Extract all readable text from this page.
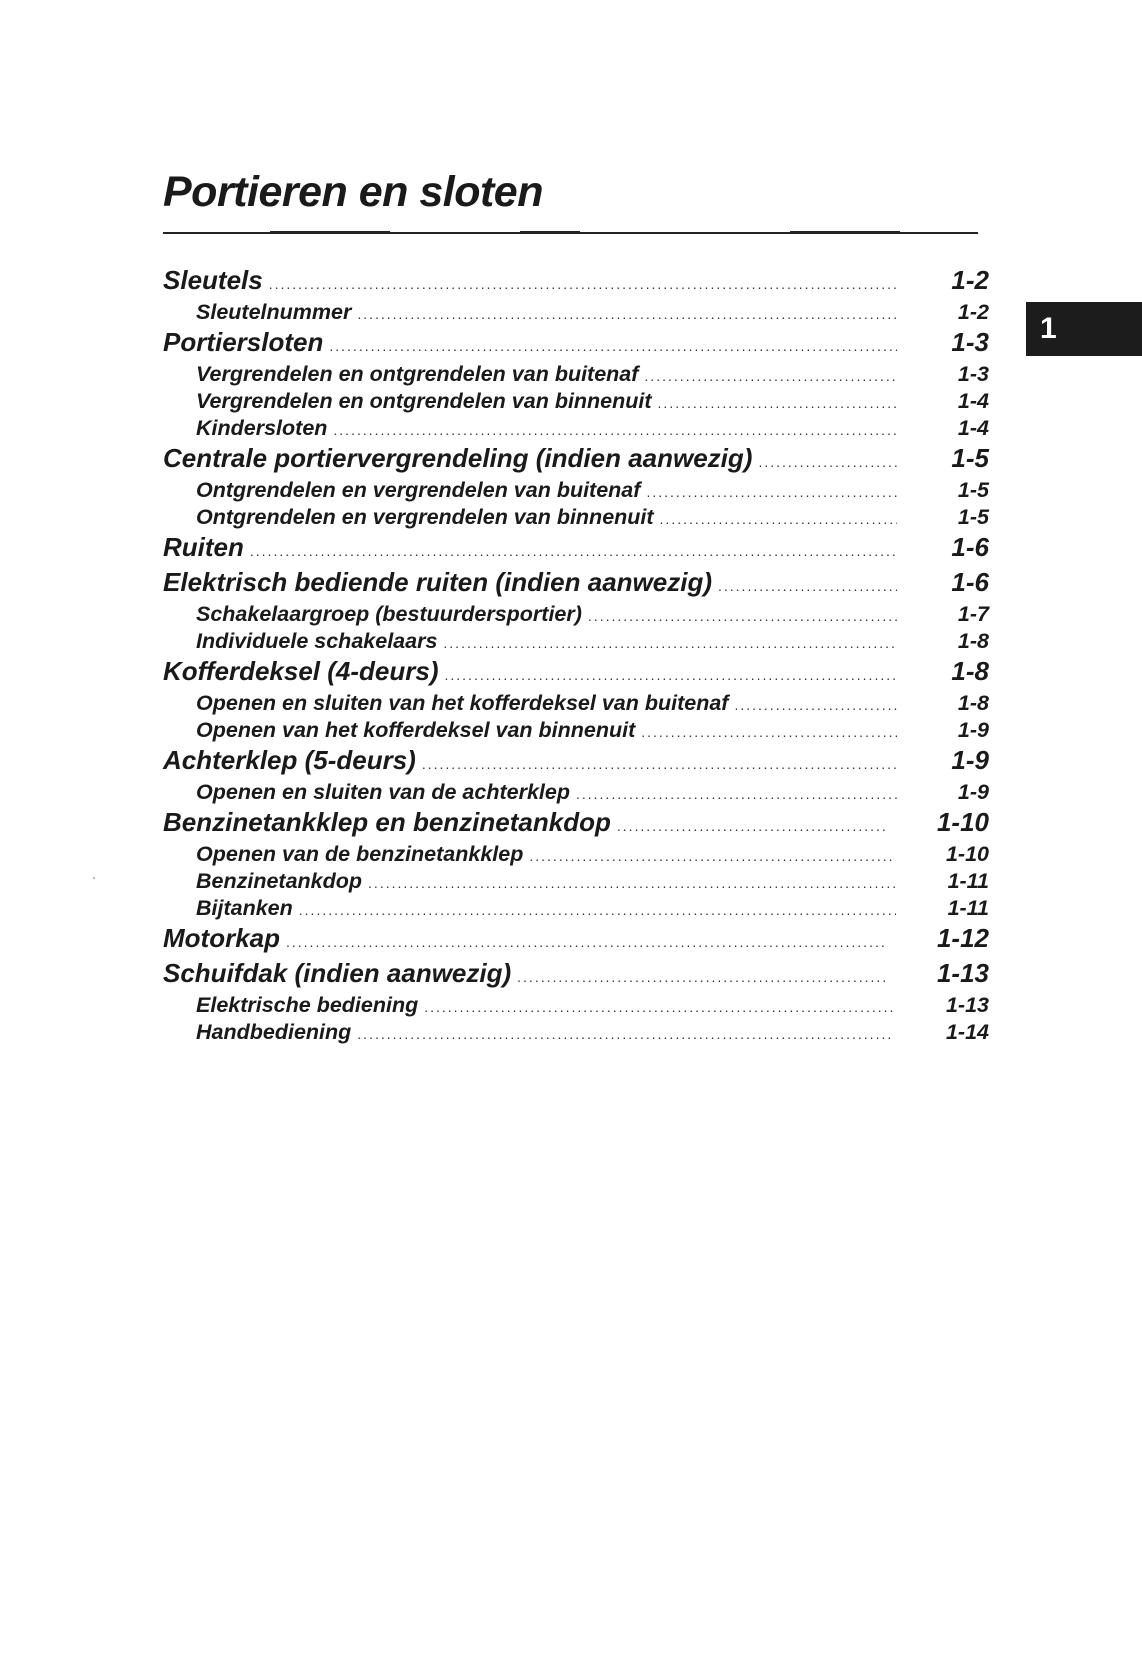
Portieren en sloten
1
Sleutels .....	1-2
Sleutelnummer .....	1-2
Portiersloten .....	1-3
Vergrendelen en ontgrendelen van buitenaf .....	1-3
Vergrendelen en ontgrendelen van binnenuit .....	1-4
Kindersloten .....	1-4
Centrale portiervergrendeling (indien aanwezig) .....	1-5
Ontgrendelen en vergrendelen van buitenaf .....	1-5
Ontgrendelen en vergrendelen van binnenuit .....	1-5
Ruiten .....	1-6
Elektrisch bediende ruiten (indien aanwezig) .....	1-6
Schakelaargroep (bestuurdersportier) .....	1-7
Individuele schakelaars .....	1-8
Kofferdeksel (4-deurs) .....	1-8
Openen en sluiten van het kofferdeksel van buitenaf .....	1-8
Openen van het kofferdeksel van binnenuit .....	1-9
Achterklep (5-deurs) .....	1-9
Openen en sluiten van de achterklep .....	1-9
Benzinetankklep en benzinetankdop .....	1-10
Openen van de benzinetankklep .....	1-10
Benzinetankdop .....	1-11
Bijtanken .....	1-11
Motorkap .....	1-12
Schuifdak (indien aanwezig) .....	1-13
Elektrische bediening .....	1-13
Handbediening .....	1-14
